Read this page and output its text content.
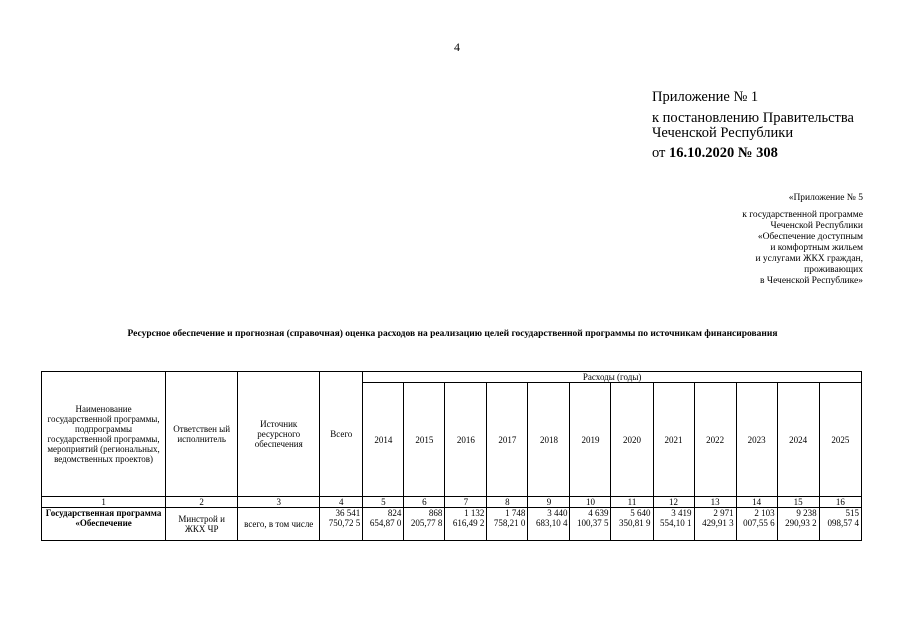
4
Приложение № 1
к постановлению Правительства
Чеченской Республики
от 16.10.2020 № 308
«Приложение № 5
к государственной программе
Чеченской Республики
«Обеспечение доступным
и комфортным жильем
и услугами ЖКХ граждан,
проживающих
в Чеченской Республике»
Ресурсное обеспечение и прогнозная (справочная) оценка расходов на реализацию целей государственной программы по источникам финансирования
Наименование государственной программы, подпрограммы государственной программы, мероприятий (региональных, ведомственных проектов)	Ответствен ый исполнитель	Источник ресурсного обеспечения	Всего	Расходы (годы)											
				2014	2015	2016	2017	2018	2019	2020	2021	2022	2023	2024	2025
1	2	3	4	5	6	7	8	9	10	11	12	13	14	15	16
Государственная программа «Обеспечение	Минстрой и ЖКХ ЧР	всего, в том числе	36 541 750,72 5	824 654,87 0	868 205,77 8	1 132 616,49 2	1 748 758,21 0	3 440 683,10 4	4 639 100,37 5	5 640 350,81 9	3 419 554,10 1	2 971 429,91 3	2 103 007,55 6	9 238 290,93 2	515 098,57 4
